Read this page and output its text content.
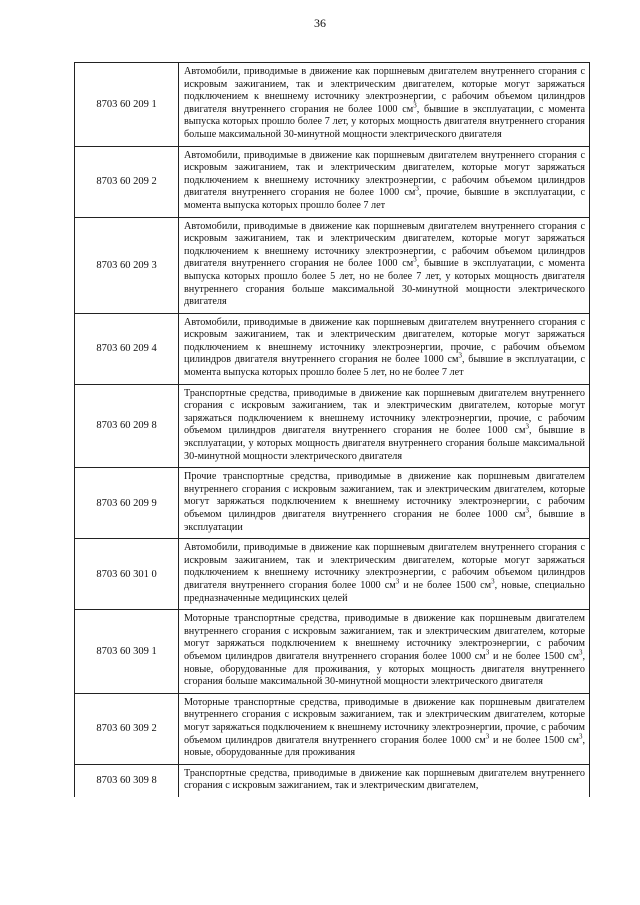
36
8703 60 209 1	Автомобили, приводимые в движение как поршневым двигателем внутреннего сгорания с искровым зажиганием, так и электрическим двигателем, которые могут заряжаться подключением к внешнему источнику электроэнергии, с рабочим объемом цилиндров двигателя внутреннего сгорания не более 1000 $см^3$, бывшие в эксплуатации, с момента выпуска которых прошло более 7 лет, у которых мощность двигателя внутреннего сгорания больше максимальной 30-минутной мощности электрического двигателя
8703 60 209 2	Автомобили, приводимые в движение как поршневым двигателем внутреннего сгорания с искровым зажиганием, так и электрическим двигателем, которые могут заряжаться подключением к внешнему источнику электроэнергии, с рабочим объемом цилиндров двигателя внутреннего сгорания не более 1000 $см^3$, прочие, бывшие в эксплуатации, с момента выпуска которых прошло более 7 лет
8703 60 209 3	Автомобили, приводимые в движение как поршневым двигателем внутреннего сгорания с искровым зажиганием, так и электрическим двигателем, которые могут заряжаться подключением к внешнему источнику электроэнергии, с рабочим объемом цилиндров двигателя внутреннего сгорания не более 1000 $см^3$, бывшие в эксплуатации, с момента выпуска которых прошло более 5 лет, но не более 7 лет, у которых мощность двигателя внутреннего сгорания больше максимальной 30-минутной мощности электрического двигателя
8703 60 209 4	Автомобили, приводимые в движение как поршневым двигателем внутреннего сгорания с искровым зажиганием, так и электрическим двигателем, которые могут заряжаться подключением к внешнему источнику электроэнергии, прочие, с рабочим объемом цилиндров двигателя внутреннего сгорания не более 1000 $см^3$, бывшие в эксплуатации, с момента выпуска которых прошло более 5 лет, но не более 7 лет
8703 60 209 8	Транспортные средства, приводимые в движение как поршневым двигателем внутреннего сгорания с искровым зажиганием, так и электрическим двигателем, которые могут заряжаться подключением к внешнему источнику электроэнергии, прочие, с рабочим объемом цилиндров двигателя внутреннего сгорания не более 1000 $см^3$, бывшие в эксплуатации, у которых мощность двигателя внутреннего сгорания больше максимальной 30-минутной мощности электрического двигателя
8703 60 209 9	Прочие транспортные средства, приводимые в движение как поршневым двигателем внутреннего сгорания с искровым зажиганием, так и электрическим двигателем, которые могут заряжаться подключением к внешнему источнику электроэнергии, с рабочим объемом цилиндров двигателя внутреннего сгорания не более 1000 $см^3$, бывшие в эксплуатации
8703 60 301 0	Автомобили, приводимые в движение как поршневым двигателем внутреннего сгорания с искровым зажиганием, так и электрическим двигателем, которые могут заряжаться подключением к внешнему источнику электроэнергии, с рабочим объемом цилиндров двигателя внутреннего сгорания более 1000 $см^3$ и не более 1500 $см^3$, новые, специально предназначенные медицинских целей
8703 60 309 1	Моторные транспортные средства, приводимые в движение как поршневым двигателем внутреннего сгорания с искровым зажиганием, так и электрическим двигателем, которые могут заряжаться подключением к внешнему источнику электроэнергии, с рабочим объемом цилиндров двигателя внутреннего сгорания более 1000 $см^3$ и не более 1500 $см^3$, новые, оборудованные для проживания, у которых мощность двигателя внутреннего сгорания больше максимальной 30-минутной мощности электрического двигателя
8703 60 309 2	Моторные транспортные средства, приводимые в движение как поршневым двигателем внутреннего сгорания с искровым зажиганием, так и электрическим двигателем, которые могут заряжаться подключением к внешнему источнику электроэнергии, прочие, с рабочим объемом цилиндров двигателя внутреннего сгорания более 1000 $см^3$ и не более 1500 $см^3$, новые, оборудованные для проживания
8703 60 309 8	Транспортные средства, приводимые в движение как поршневым двигателем внутреннего сгорания с искровым зажиганием, так и электрическим двигателем,
